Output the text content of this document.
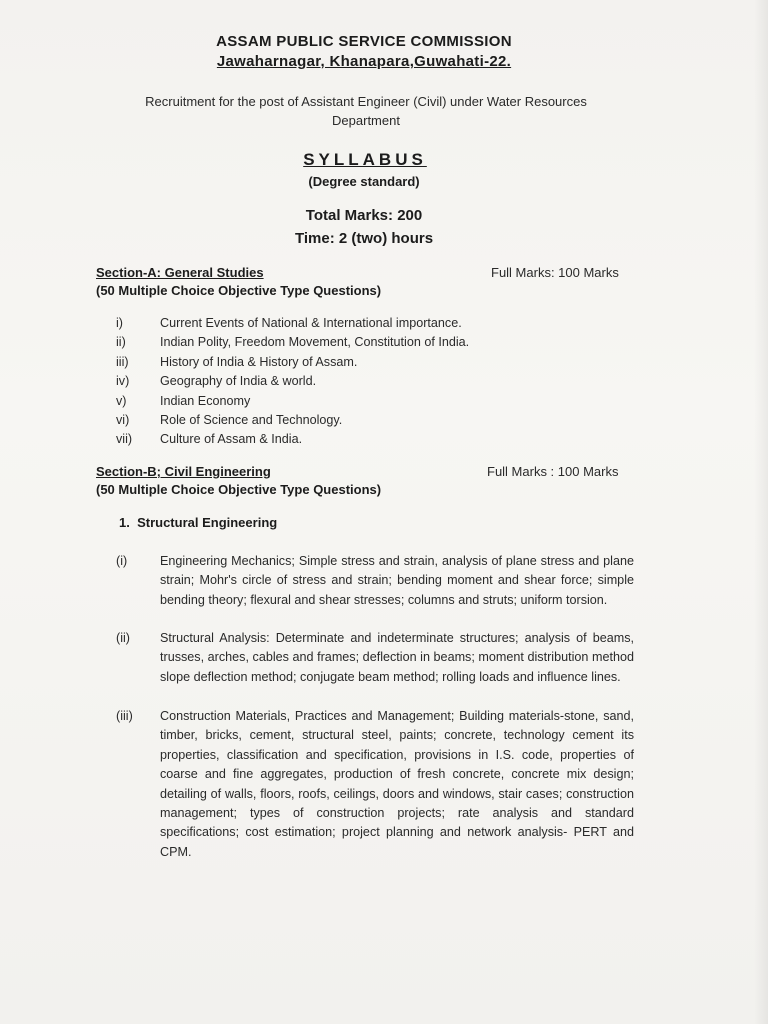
ASSAM PUBLIC SERVICE COMMISSION
Jawaharnagar, Khanapara,Guwahati-22.
Recruitment for the post of Assistant Engineer (Civil) under Water Resources Department
SYLLABUS
(Degree standard)
Total Marks: 200
Time: 2 (two) hours
Section-A: General Studies	Full Marks: 100 Marks
(50 Multiple Choice Objective Type Questions)
i)	Current Events of National & International importance.
ii)	Indian Polity, Freedom Movement, Constitution of India.
iii)	History of India & History of Assam.
iv)	Geography of India & world.
v)	Indian Economy
vi)	Role of Science and Technology.
vii)	Culture of Assam & India.
Section-B; Civil Engineering	Full Marks : 100 Marks
(50 Multiple Choice Objective Type Questions)
1.  Structural Engineering
(i)	Engineering Mechanics; Simple stress and strain, analysis of plane stress and plane strain; Mohr's circle of stress and strain; bending moment and shear force; simple bending theory; flexural and shear stresses; columns and struts; uniform torsion.
(ii)	Structural Analysis: Determinate and indeterminate structures; analysis of beams, trusses, arches, cables and frames; deflection in beams; moment distribution method slope deflection method; conjugate beam method; rolling loads and influence lines.
(iii)	Construction Materials, Practices and Management; Building materials-stone, sand, timber, bricks, cement, structural steel, paints; concrete, technology cement its properties, classification and specification, provisions in I.S. code, properties of coarse and fine aggregates, production of fresh concrete, concrete mix design; detailing of walls, floors, roofs, ceilings, doors and windows, stair cases; construction management; types of construction projects; rate analysis and standard specifications; cost estimation; project planning and network analysis- PERT and CPM.
